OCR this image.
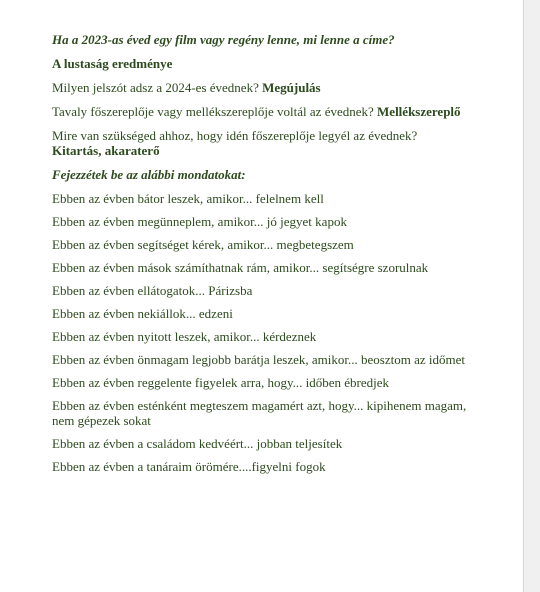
Ha a 2023-as éved egy film vagy regény lenne, mi lenne a címe?

A lustaság eredménye

Milyen jelszót adsz a 2024-es évednek? Megújulás

Tavaly főszereplője vagy mellékszereplője voltál az évednek? Mellékszereplő

Mire van szükséged ahhoz, hogy idén főszereplője legyél az évednek?
Kitartás, akaraterő

Fejezzétek be az alábbi mondatokat:

Ebben az évben bátor leszek, amikor... felelnem kell

Ebben az évben megünneplem, amikor... jó jegyet kapok

Ebben az évben segítséget kérek, amikor... megbetegszem

Ebben az évben mások számíthatnak rám, amikor... segítségre szorulnak

Ebben az évben ellátogatok... Párizsba

Ebben az évben nekiállok... edzeni

Ebben az évben nyitott leszek, amikor... kérdeznek

Ebben az évben önmagam legjobb barátja leszek, amikor... beosztom az időmet

Ebben az évben reggelente figyelek arra, hogy... időben ébredjek

Ebben az évben esténként megteszem magamért azt, hogy... kipihenem magam, nem gépezek sokat

Ebben az évben a családom kedvéért... jobban teljesítek

Ebben az évben a tanáraim örömére....figyelni fogok
